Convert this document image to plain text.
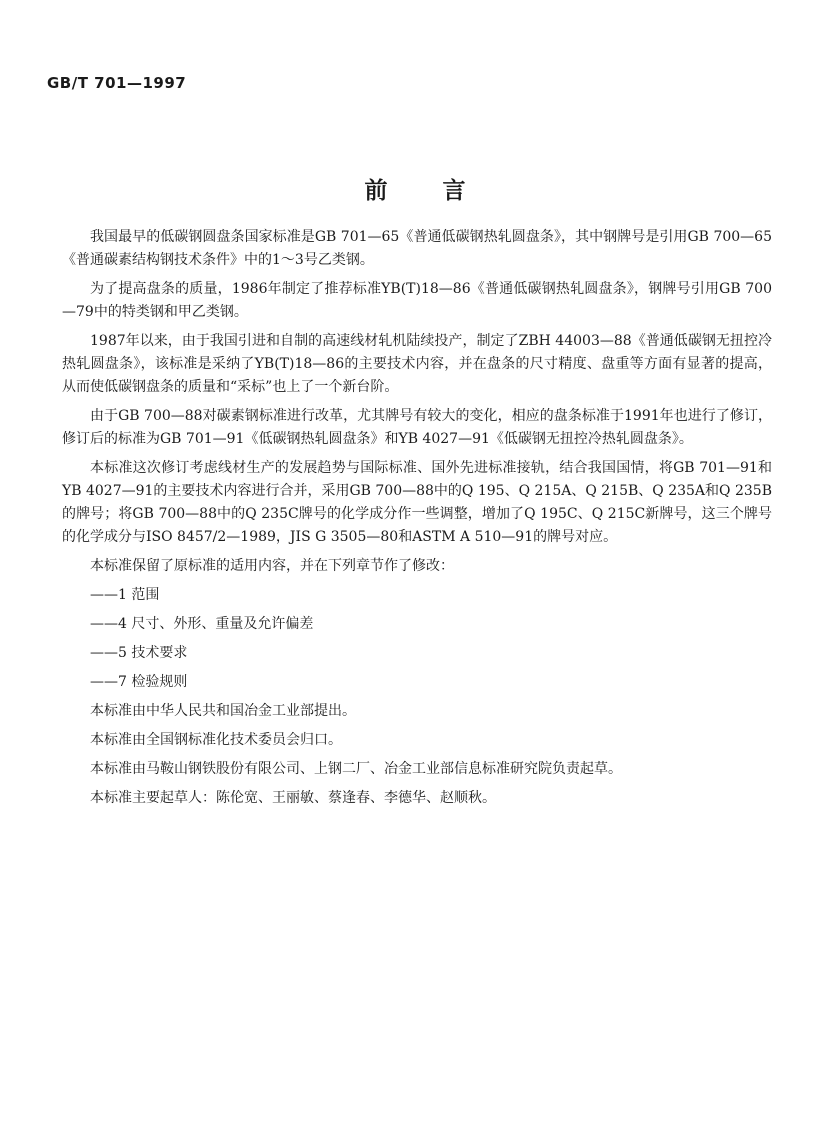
GB/T 701—1997
前言

我国最早的低碳钢圆盘条国家标准是GB 701—65《普通低碳钢热轧圆盘条》，其中钢牌号是引用GB 700—65《普通碳素结构钢技术条件》中的1～3号乙类钢。

为了提高盘条的质量，1986年制定了推荐标准YB(T)18—86《普通低碳钢热轧圆盘条》，钢牌号引用GB 700—79中的特类钢和甲乙类钢。

1987年以来，由于我国引进和自制的高速线材轧机陆续投产，制定了ZBH 44003—88《普通低碳钢无扭控冷热轧圆盘条》，该标准是采纳了YB(T)18—86的主要技术内容，并在盘条的尺寸精度、盘重等方面有显著的提高，从而使低碳钢盘条的质量和“采标”也上了一个新台阶。

由于GB 700—88对碳素钢标准进行改革，尤其牌号有较大的变化，相应的盘条标准于1991年也进行了修订，修订后的标准为GB 701—91《低碳钢热轧圆盘条》和YB 4027—91《低碳钢无扭控冷热轧圆盘条》。

本标准这次修订考虑线材生产的发展趋势与国际标准、国外先进标准接轨，结合我国国情，将GB 701—91和YB 4027—91的主要技术内容进行合并，采用GB 700—88中的Q 195、Q 215A、Q 215B、Q 235A和Q 235B的牌号；将GB 700—88中的Q 235C牌号的化学成分作一些调整，增加了Q 195C、Q 215C新牌号，这三个牌号的化学成分与ISO 8457/2—1989，JIS G 3505—80和ASTM A 510—91的牌号对应。

本标准保留了原标准的适用内容，并在下列章节作了修改：

——1 范围
——4 尺寸、外形、重量及允许偏差
——5 技术要求
——7 检验规则

本标准由中华人民共和国冶金工业部提出。

本标准由全国钢标准化技术委员会归口。

本标准由马鞍山钢铁股份有限公司、上钢二厂、冶金工业部信息标准研究院负责起草。

本标准主要起草人：陈伦宽、王丽敏、蔡逢春、李德华、赵顺秋。
